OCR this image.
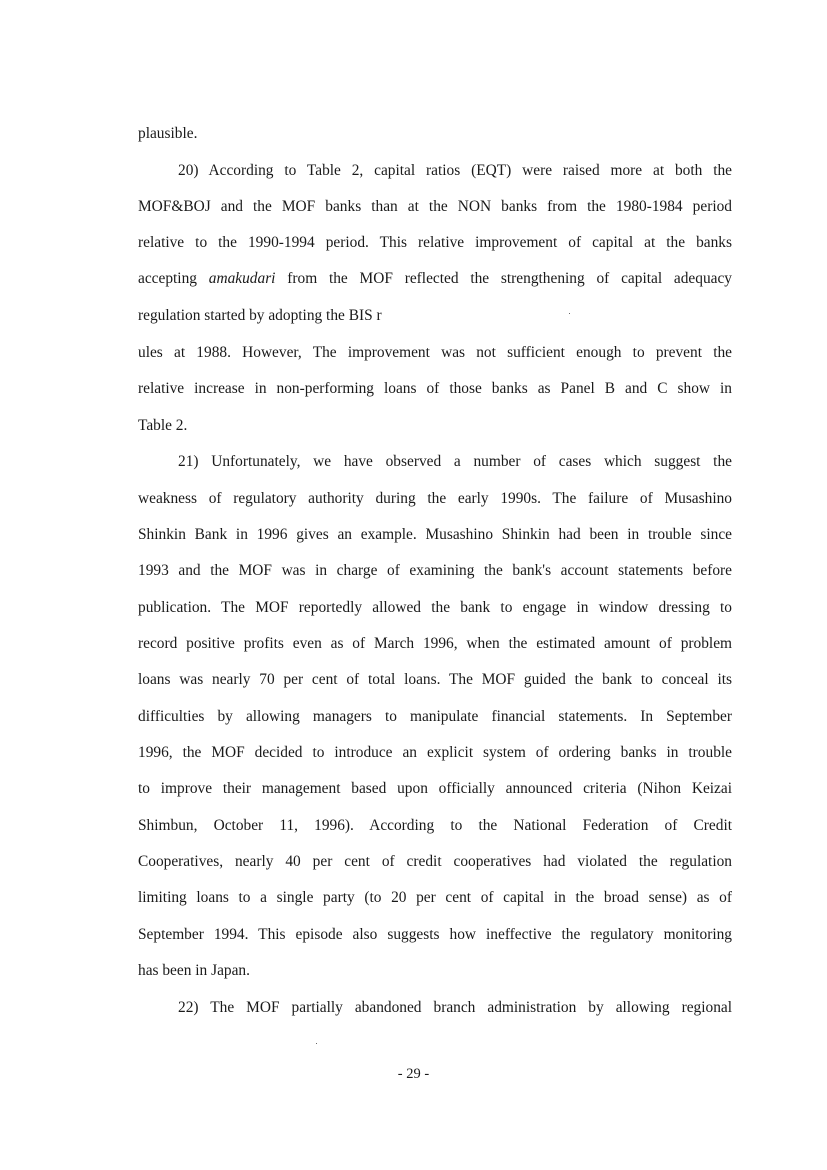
plausible.
20) According to Table 2, capital ratios (EQT) were raised more at both the
MOF&BOJ and the MOF banks than at the NON banks from the 1980-1984 period
relative to the 1990-1994 period. This relative improvement of capital at the banks
accepting amakudari from the MOF reflected the strengthening of capital adequacy
regulation started by adopting the BIS r
ules at 1988. However, The improvement was not sufficient enough to prevent the
relative increase in non-performing loans of those banks as Panel B and C show in
Table 2.
21) Unfortunately, we have observed a number of cases which suggest the
weakness of regulatory authority during the early 1990s. The failure of Musashino
Shinkin Bank in 1996 gives an example. Musashino Shinkin had been in trouble since
1993 and the MOF was in charge of examining the bank's account statements before
publication. The MOF reportedly allowed the bank to engage in window dressing to
record positive profits even as of March 1996, when the estimated amount of problem
loans was nearly 70 per cent of total loans. The MOF guided the bank to conceal its
difficulties by allowing managers to manipulate financial statements. In September
1996, the MOF decided to introduce an explicit system of ordering banks in trouble
to improve their management based upon officially announced criteria (Nihon Keizai
Shimbun, October 11, 1996). According to the National Federation of Credit
Cooperatives, nearly 40 per cent of credit cooperatives had violated the regulation
limiting loans to a single party (to 20 per cent of capital in the broad sense) as of
September 1994. This episode also suggests how ineffective the regulatory monitoring
has been in Japan.
22) The MOF partially abandoned branch administration by allowing regional
- 29 -
